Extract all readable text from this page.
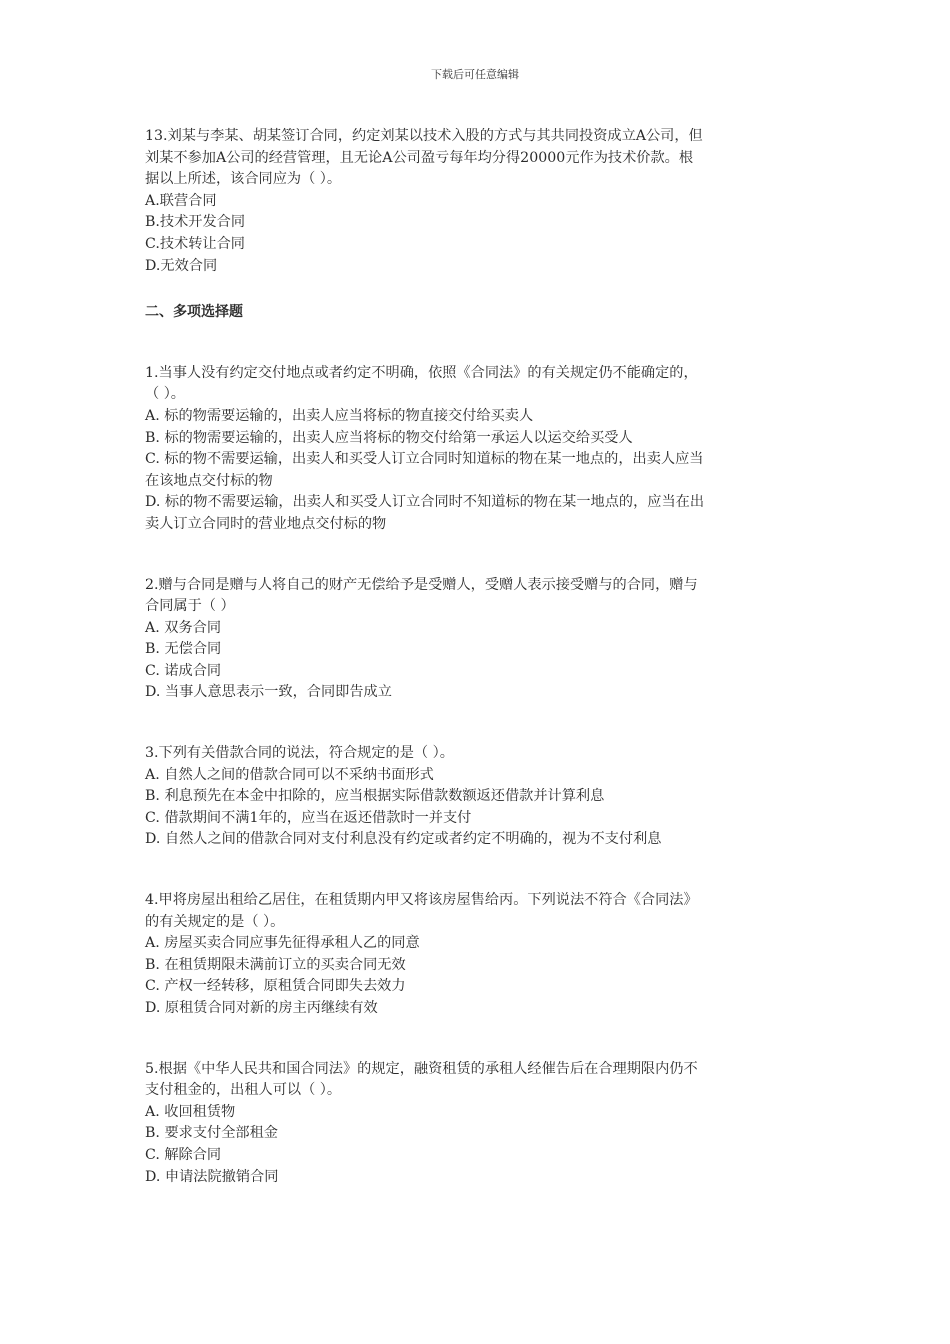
下载后可任意编辑

13.刘某与李某、胡某签订合同，约定刘某以技术入股的方式与其共同投资成立A公司，但

刘某不参加A公司的经营管理，且无论A公司盈亏每年均分得20000元作为技术价款。根

据以上所述，该合同应为（ ）。

A.联营合同

B.技术开发合同

C.技术转让合同

D.无效合同

二、多项选择题

1.当事人没有约定交付地点或者约定不明确，依照《合同法》的有关规定仍不能确定的，

（ ）。

A. 标的物需要运输的，出卖人应当将标的物直接交付给买卖人

B. 标的物需要运输的，出卖人应当将标的物交付给第一承运人以运交给买受人

C. 标的物不需要运输，出卖人和买受人订立合同时知道标的物在某一地点的，出卖人应当

在该地点交付标的物

D. 标的物不需要运输，出卖人和买受人订立合同时不知道标的物在某一地点的，应当在出

卖人订立合同时的营业地点交付标的物

2.赠与合同是赠与人将自己的财产无偿给予是受赠人，受赠人表示接受赠与的合同，赠与

合同属于（ ）

A. 双务合同

B. 无偿合同

C. 诺成合同

D. 当事人意思表示一致，合同即告成立

3.下列有关借款合同的说法，符合规定的是（ ）。

A. 自然人之间的借款合同可以不采纳书面形式

B. 利息预先在本金中扣除的，应当根据实际借款数额返还借款并计算利息

C. 借款期间不满1年的，应当在返还借款时一并支付

D. 自然人之间的借款合同对支付利息没有约定或者约定不明确的，视为不支付利息

4.甲将房屋出租给乙居住，在租赁期内甲又将该房屋售给丙。下列说法不符合《合同法》

的有关规定的是（ ）。

A. 房屋买卖合同应事先征得承租人乙的同意

B. 在租赁期限未满前订立的买卖合同无效

C. 产权一经转移，原租赁合同即失去效力

D. 原租赁合同对新的房主丙继续有效

5.根据《中华人民共和国合同法》的规定，融资租赁的承租人经催告后在合理期限内仍不

支付租金的，出租人可以（ ）。

A. 收回租赁物

B. 要求支付全部租金

C. 解除合同

D. 申请法院撤销合同
